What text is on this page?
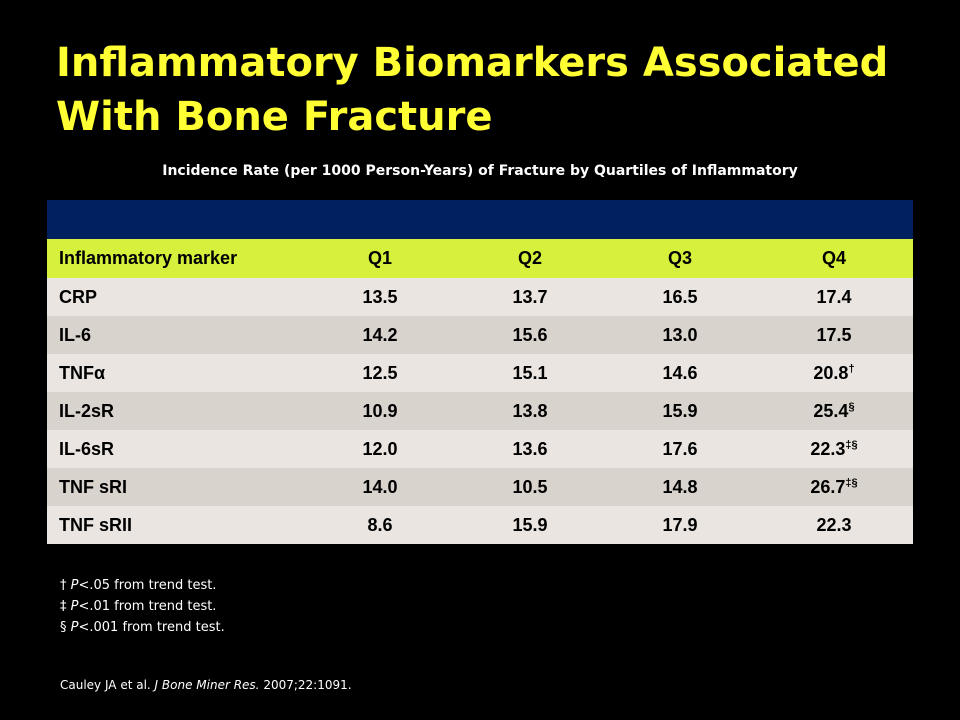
Inflammatory Biomarkers Associated With Bone Fracture
Incidence Rate (per 1000 Person-Years) of Fracture by Quartiles of Inflammatory
Inflammatory marker	Q1	Q2	Q3	Q4
CRP	13.5	13.7	16.5	17.4
IL-6	14.2	15.6	13.0	17.5
TNFα	12.5	15.1	14.6	20.8†
IL-2sR	10.9	13.8	15.9	25.4§
IL-6sR	12.0	13.6	17.6	22.3‡§
TNF sRI	14.0	10.5	14.8	26.7‡§
TNF sRII	8.6	15.9	17.9	22.3
† P<.05 from trend test.
‡ P<.01 from trend test.
§ P<.001 from trend test.
Cauley JA et al. J Bone Miner Res. 2007;22:1091.
